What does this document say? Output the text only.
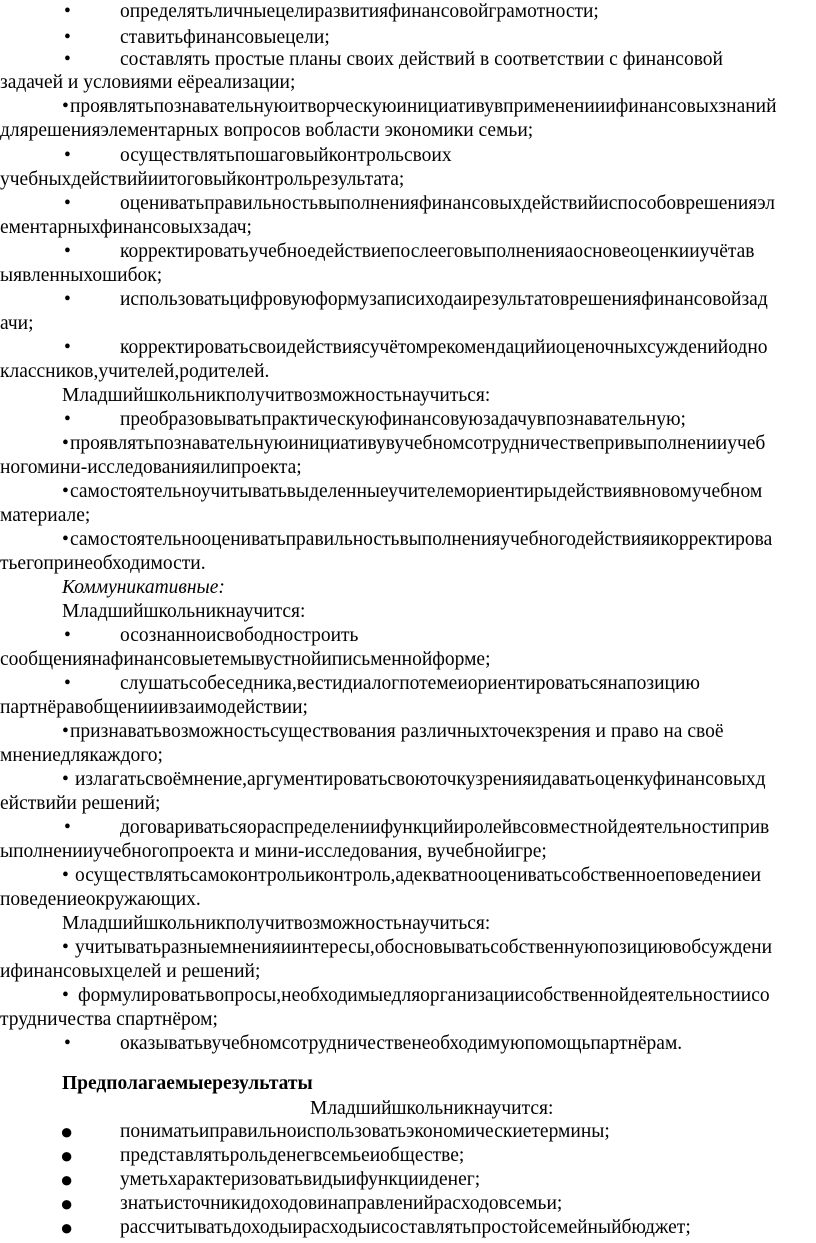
•	определятьличныецелиразвитияфинансовойграмотности;
•	ставитьфинансовыецели;
•	составлять простые планы своих действий в соответствии с финансовой
задачей и условиями еёреализации;
• проявлятьпознавательнуюитворческуюинициативувпримененииифинансовыхзнаний
длярешенияэлементарных вопросов вобласти экономики семьи;
•	осуществлятьпошаговыйконтрольсвоих
учебныхдействийиитоговыйконтрольрезультата;
•	оцениватьправильностьвыполненияфинансовыхдействийиспособоврешенияэл
ементарныхфинансовыхзадач;
•	корректироватьучебноедействиепослееговыполненияаосновеоценкииучётав
ыявленныхошибок;
•	использоватьцифровуюформузаписиходаирезультатоврешенияфинансовойзад
ачи;
•	корректироватьсвоидействиясучётомрекомендацийиоценочныхсужденийодно
классников,учителей,родителей.
Младшийшкольникполучитвозможностьнаучиться:
•	преобразовыватьпрактическуюфинансовуюзадачувпознавательную;
• проявлятьпознавательнуюинициативувучебномсотрудничествепривыполненииучеб
ногомини-исследованияилипроекта;
• самостоятельноучитыватьвыделенныеучителемориентирыдействиявновомучебном
материале;
• самостоятельнооцениватьправильностьвыполненияучебногодействияикорректирова
тьегопринеобходимости.
Коммуникативные:
Младшийшкольникнаучится:
•	осознанноисвободностроить
сообщениянафинансовыетемывустнойиписьменнойформе;
•	слушатьсобеседника,вестидиалогпотемеиориентироватьсянапозицию
партнёравобщенииивзаимодействии;
• признаватьвозможностьсуществования различныхточекзрения и право на своё
мнениедлякаждого;
• излагатьсвоёмнение,аргументироватьсвоюточкузренияидаватьоценкуфинансовыхд
ействийи решений;
•	договариватьсяораспределениифункцийиролейвсовместнойдеятельностиприв
ыполненииучебногопроекта и мини-исследования, вучебнойигре;
• осуществлятьсамоконтрольиконтроль,адекватнооцениватьсобственноеповедениеи
поведениеокружающих.
Младшийшкольникполучитвозможностьнаучиться:
• учитыватьразныемненияиинтересы,обосновыватьсобственнуюпозициювобсуждени
ифинансовыхцелей и решений;
• формулироватьвопросы,необходимыедляорганизациисобственнойдеятельностиисо
трудничества спартнёром;
•	оказыватьвучебномсотрудничественеобходимуюпомощьпартнёрам.
Предполагаемыерезультаты
Младшийшкольникнаучится:
● пониматьиправильноиспользоватьэкономическиетермины;
● представлятьрольденегвсемьеиобществе;
● уметьхарактеризоватьвидыифункцииденег;
● знатьисточникидоходовинаправленийрасходовсемьи;
● рассчитыватьдоходыирасходыисоставлятьпростойсемейныйбюджет;
